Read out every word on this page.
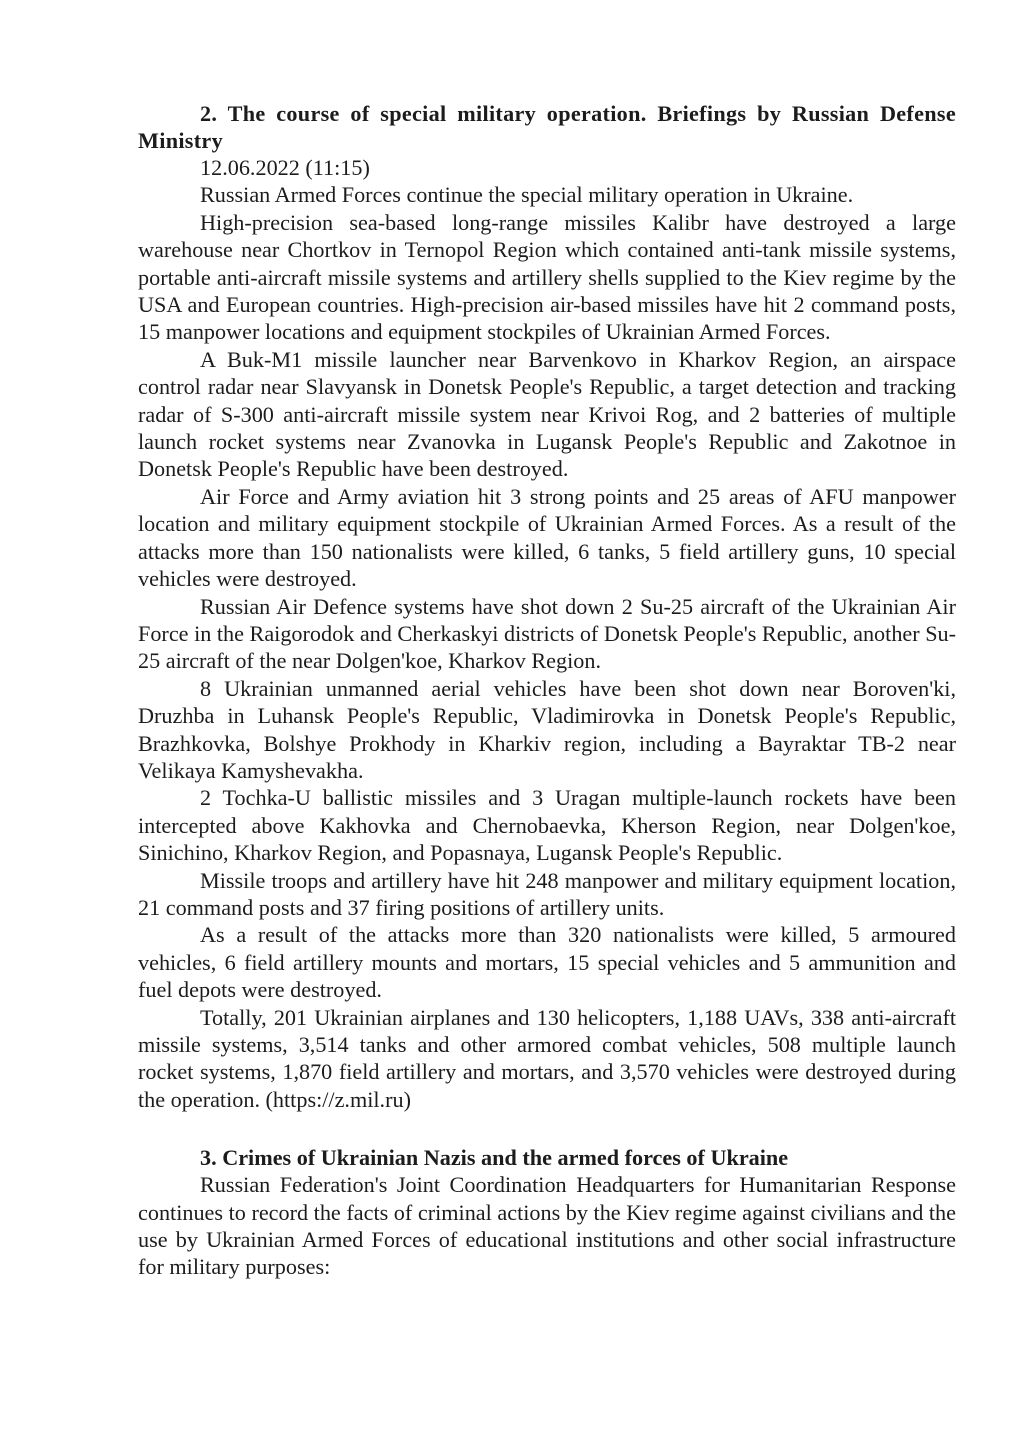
2. The course of special military operation. Briefings by Russian Defense Ministry

12.06.2022 (11:15)

Russian Armed Forces continue the special military operation in Ukraine.

High-precision sea-based long-range missiles Kalibr have destroyed a large warehouse near Chortkov in Ternopol Region which contained anti-tank missile systems, portable anti-aircraft missile systems and artillery shells supplied to the Kiev regime by the USA and European countries. High-precision air-based missiles have hit 2 command posts, 15 manpower locations and equipment stockpiles of Ukrainian Armed Forces.

A Buk-M1 missile launcher near Barvenkovo in Kharkov Region, an airspace control radar near Slavyansk in Donetsk People's Republic, a target detection and tracking radar of S-300 anti-aircraft missile system near Krivoi Rog, and 2 batteries of multiple launch rocket systems near Zvanovka in Lugansk People's Republic and Zakotnoe in Donetsk People's Republic have been destroyed.

Air Force and Army aviation hit 3 strong points and 25 areas of AFU manpower location and military equipment stockpile of Ukrainian Armed Forces. As a result of the attacks more than 150 nationalists were killed, 6 tanks, 5 field artillery guns, 10 special vehicles were destroyed.

Russian Air Defence systems have shot down 2 Su-25 aircraft of the Ukrainian Air Force in the Raigorodok and Cherkaskyi districts of Donetsk People's Republic, another Su-25 aircraft of the near Dolgen'koe, Kharkov Region.

8 Ukrainian unmanned aerial vehicles have been shot down near Boroven'ki, Druzhba in Luhansk People's Republic, Vladimirovka in Donetsk People's Republic, Brazhkovka, Bolshye Prokhody in Kharkiv region, including a Bayraktar TB-2 near Velikaya Kamyshevakha.

2 Tochka-U ballistic missiles and 3 Uragan multiple-launch rockets have been intercepted above Kakhovka and Chernobaevka, Kherson Region, near Dolgen'koe, Sinichino, Kharkov Region, and Popasnaya, Lugansk People's Republic.

Missile troops and artillery have hit 248 manpower and military equipment location, 21 command posts and 37 firing positions of artillery units.

As a result of the attacks more than 320 nationalists were killed, 5 armoured vehicles, 6 field artillery mounts and mortars, 15 special vehicles and 5 ammunition and fuel depots were destroyed.

Totally, 201 Ukrainian airplanes and 130 helicopters, 1,188 UAVs, 338 anti-aircraft missile systems, 3,514 tanks and other armored combat vehicles, 508 multiple launch rocket systems, 1,870 field artillery and mortars, and 3,570 vehicles were destroyed during the operation. (https://z.mil.ru)

3. Crimes of Ukrainian Nazis and the armed forces of Ukraine

Russian Federation's Joint Coordination Headquarters for Humanitarian Response continues to record the facts of criminal actions by the Kiev regime against civilians and the use by Ukrainian Armed Forces of educational institutions and other social infrastructure for military purposes:
